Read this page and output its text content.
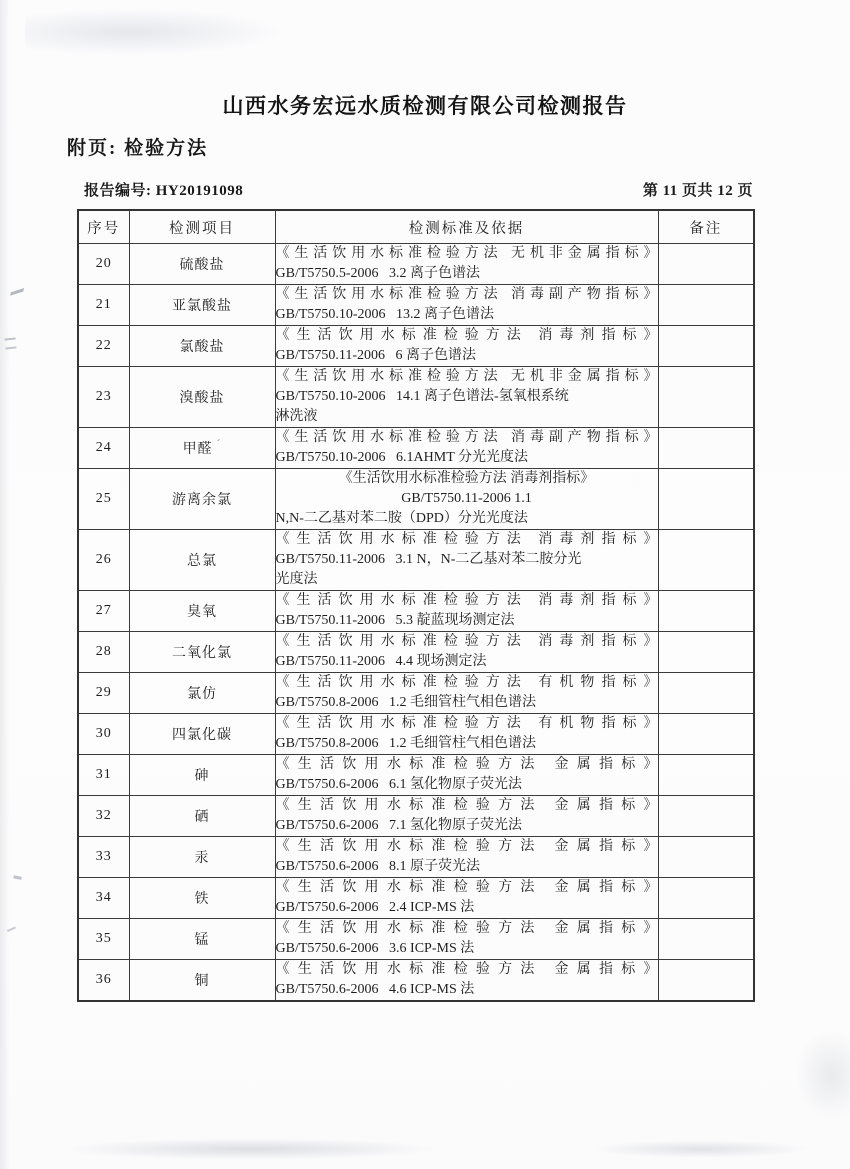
山西水务宏远水质检测有限公司检测报告
附页: 检验方法
报告编号: HY20191098	第 11 页共 12 页
序号	检测项目	检测标准及依据	备注
20	硫酸盐	《生活饮用水标准检验方法 无机非金属指标》
GB/T5750.5-2006   3.2 离子色谱法	

21	亚氯酸盐	《生活饮用水标准检验方法 消毒副产物指标》
GB/T5750.10-2006   13.2 离子色谱法	

22	氯酸盐	《生活饮用水标准检验方法 消毒剂指标》
GB/T5750.11-2006   6 离子色谱法	

23	溴酸盐	《生活饮用水标准检验方法 无机非金属指标》
GB/T5750.10-2006   14.1 离子色谱法-氢氧根系统
淋洗液	

24	甲醛 $^ˊ$	《生活饮用水标准检验方法 消毒副产物指标》
GB/T5750.10-2006   6.1AHMT 分光光度法	

25	游离余氯	《生活饮用水标准检验方法 消毒剂指标》
GB/T5750.11-2006 1.1
N,N-二乙基对苯二胺（DPD）分光光度法	

26	总氯	《生活饮用水标准检验方法 消毒剂指标》
GB/T5750.11-2006   3.1 N，N-二乙基对苯二胺分光
光度法	

27	臭氧	《生活饮用水标准检验方法 消毒剂指标》
GB/T5750.11-2006   5.3 靛蓝现场测定法	

28	二氧化氯	《生活饮用水标准检验方法 消毒剂指标》
GB/T5750.11-2006   4.4 现场测定法	

29	氯仿	《生活饮用水标准检验方法 有机物指标》
GB/T5750.8-2006   1.2 毛细管柱气相色谱法	

30	四氯化碳	《生活饮用水标准检验方法 有机物指标》
GB/T5750.8-2006   1.2 毛细管柱气相色谱法	

31	砷	《生活饮用水标准检验方法 金属指标》
GB/T5750.6-2006   6.1 氢化物原子荧光法	

32	硒	《生活饮用水标准检验方法 金属指标》
GB/T5750.6-2006   7.1 氢化物原子荧光法	

33	汞	《生活饮用水标准检验方法 金属指标》
GB/T5750.6-2006   8.1 原子荧光法	

34	铁	《生活饮用水标准检验方法 金属指标》
GB/T5750.6-2006   2.4 ICP-MS 法	

35	锰	《生活饮用水标准检验方法 金属指标》
GB/T5750.6-2006   3.6 ICP-MS 法	

36	铜	《生活饮用水标准检验方法 金属指标》
GB/T5750.6-2006   4.6 ICP-MS 法	
